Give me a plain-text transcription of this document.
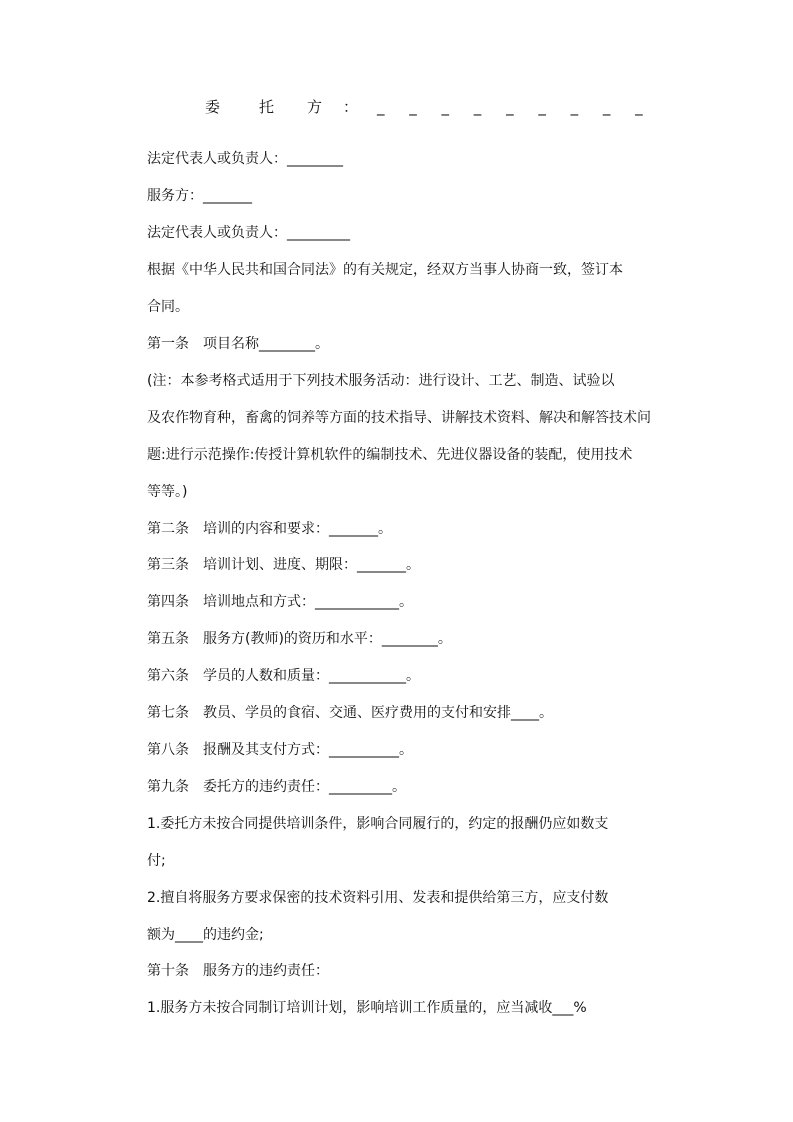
委	托 方 ： _ _ _ _ _ _ _ _ _
法定代表人或负责人：________
服务方：_______
法定代表人或负责人：_________
根据《中华人民共和国合同法》的有关规定，经双方当事人协商一致，签订本
合同。
第一条　项目名称________。
(注：本参考格式适用于下列技术服务活动：进行设计、工艺、制造、试验以
及农作物育种，畜禽的饲养等方面的技术指导、讲解技术资料、解决和解答技术问
题:进行示范操作:传授计算机软件的编制技术、先进仪器设备的装配，使用技术
等等。)
第二条　培训的内容和要求：_______。
第三条　培训计划、进度、期限：_______。
第四条　培训地点和方式：____________。
第五条　服务方(教师)的资历和水平：________。
第六条　学员的人数和质量：___________。
第七条　教员、学员的食宿、交通、医疗费用的支付和安排____。
第八条　报酬及其支付方式：__________。
第九条　委托方的违约责任：_________。
1.委托方未按合同提供培训条件，影响合同履行的，约定的报酬仍应如数支
付;
2.擅自将服务方要求保密的技术资料引用、发表和提供给第三方，应支付数
额为____的违约金;
第十条　服务方的违约责任：
1.服务方未按合同制订培训计划，影响培训工作质量的，应当减收___%
